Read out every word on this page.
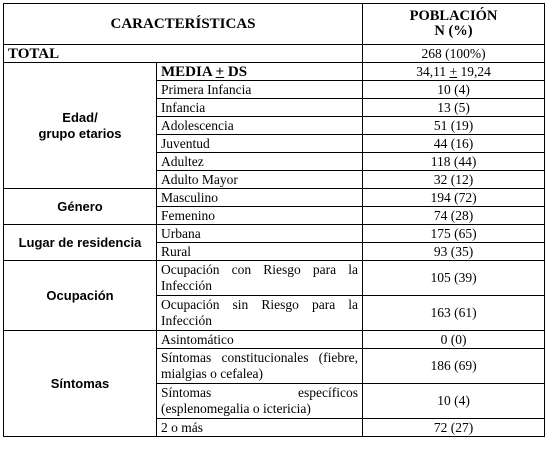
CARACTERÍSTICAS		POBLACIÓN
N (%)

TOTAL		268 (100%)

Edad/
grupo etarios	MEDIA + DS	34,11 + 19,24
	Primera Infancia	10 (4)
	Infancia	13 (5)
	Adolescencia	51 (19)
	Juventud	44 (16)
	Adultez	118 (44)
	Adulto Mayor	32 (12)
Género	Masculino	194 (72)
	Femenino	74 (28)
Lugar de residencia	Urbana	175 (65)
	Rural	93 (35)
Ocupación	Ocupación con Riesgo para la Infección	105 (39)
	Ocupación sin Riesgo para la Infección	163 (61)
Síntomas	Asintomático	0 (0)
	Síntomas constitucionales (fiebre, mialgias o cefalea)	186 (69)
	Síntomas específicos (esplenomegalia o ictericia)	10 (4)
	2 o más	72 (27)
